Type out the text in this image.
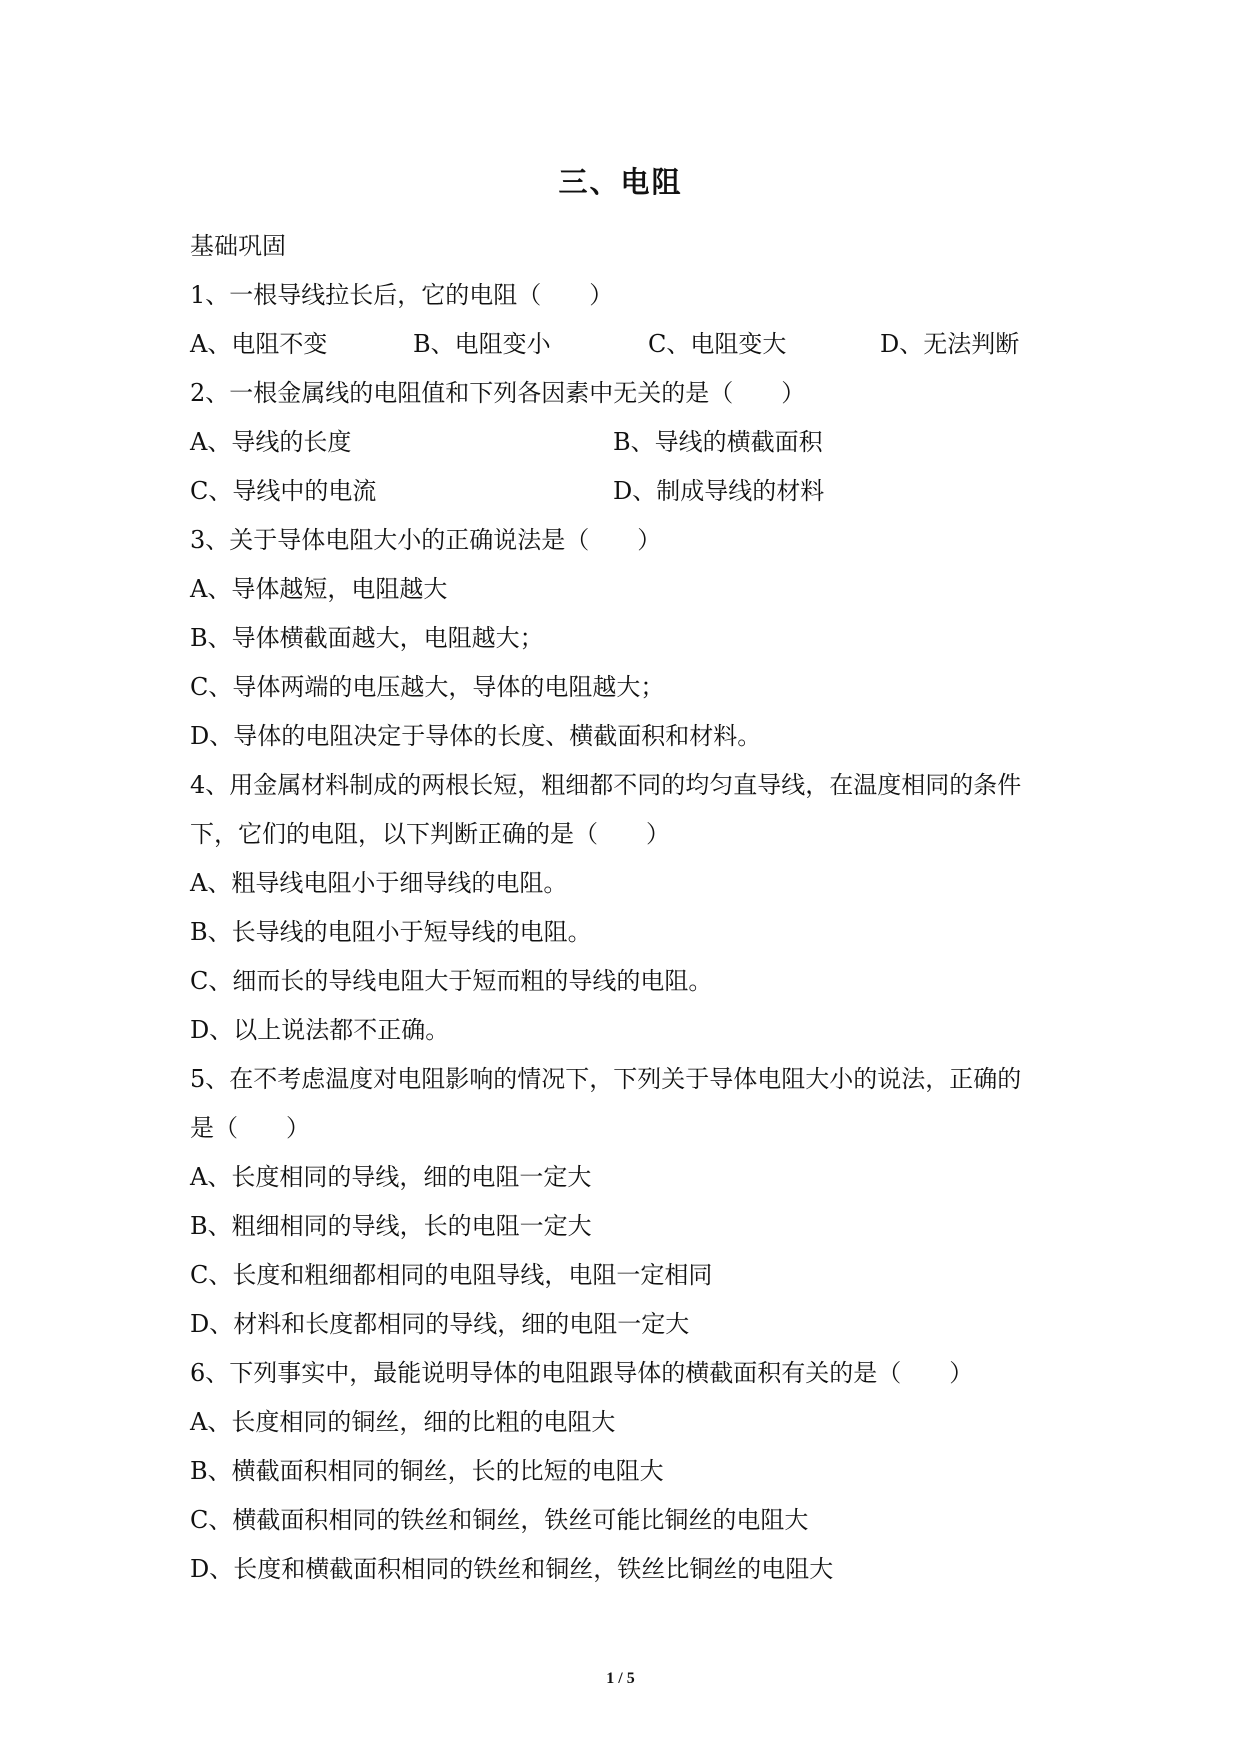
三、电阻
基础巩固
1、一根导线拉长后，它的电阻（　　）
A、电阻不变	B、电阻变小	C、电阻变大	D、无法判断
2、一根金属线的电阻值和下列各因素中无关的是（　　）
A、导线的长度	B、导线的横截面积
C、导线中的电流	D、制成导线的材料
3、关于导体电阻大小的正确说法是（　　）
A、导体越短，电阻越大
B、导体横截面越大，电阻越大；
C、导体两端的电压越大，导体的电阻越大；
D、导体的电阻决定于导体的长度、横截面积和材料。
4、用金属材料制成的两根长短，粗细都不同的均匀直导线，在温度相同的条件
下，它们的电阻，以下判断正确的是（　　）
A、粗导线电阻小于细导线的电阻。
B、长导线的电阻小于短导线的电阻。
C、细而长的导线电阻大于短而粗的导线的电阻。
D、以上说法都不正确。
5、在不考虑温度对电阻影响的情况下，下列关于导体电阻大小的说法，正确的
是（　　）
A、长度相同的导线，细的电阻一定大
B、粗细相同的导线，长的电阻一定大
C、长度和粗细都相同的电阻导线，电阻一定相同
D、材料和长度都相同的导线，细的电阻一定大
6、下列事实中，最能说明导体的电阻跟导体的横截面积有关的是（　　）
A、长度相同的铜丝，细的比粗的电阻大
B、横截面积相同的铜丝，长的比短的电阻大
C、横截面积相同的铁丝和铜丝，铁丝可能比铜丝的电阻大
D、长度和横截面积相同的铁丝和铜丝，铁丝比铜丝的电阻大
1 / 5
